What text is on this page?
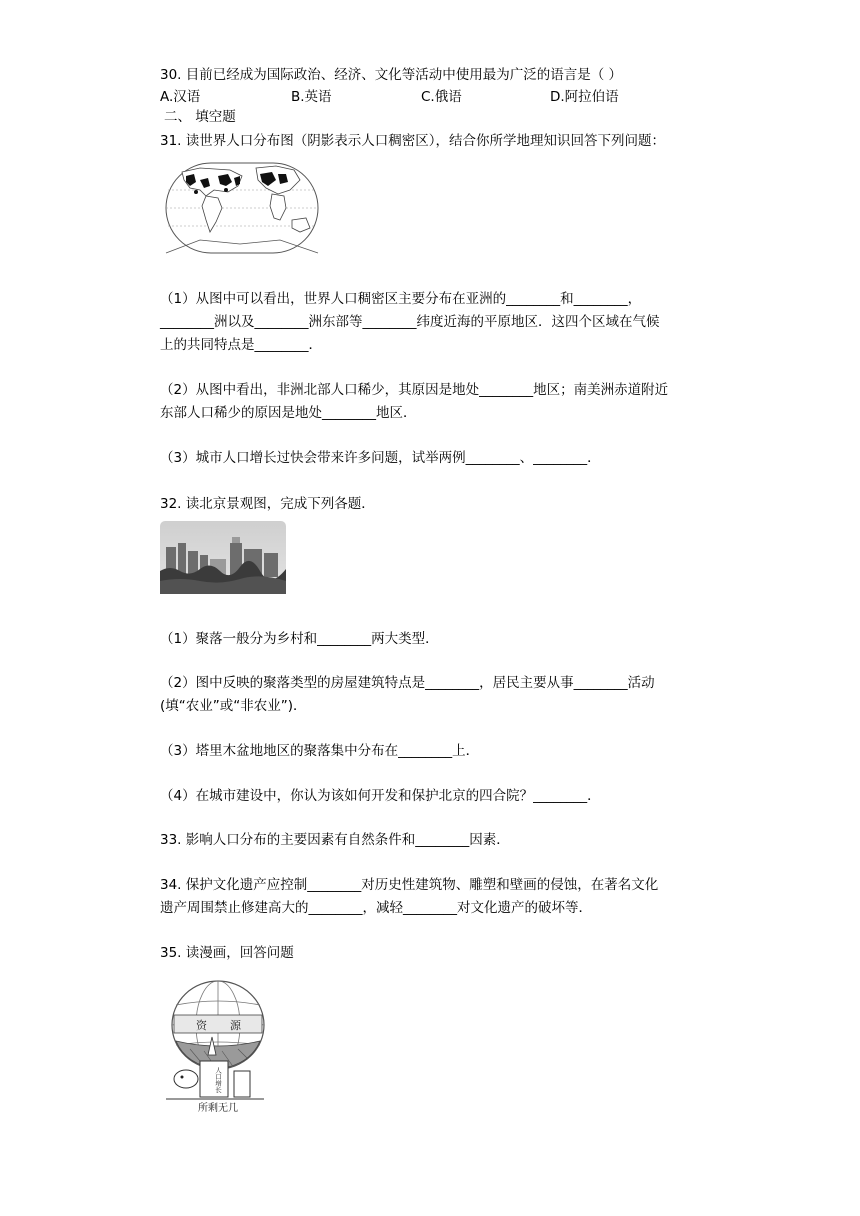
30. 目前已经成为国际政治、经济、文化等活动中使用最为广泛的语言是（ ）
A.汉语	B.英语	C.俄语	D.阿拉伯语
二、 填空题
31. 读世界人口分布图（阴影表示人口稠密区），结合你所学地理知识回答下列问题：
（1）从图中可以看出，世界人口稠密区主要分布在亚洲的________和________，
________洲以及________洲东部等________纬度近海的平原地区．这四个区域在气候
上的共同特点是________．
（2）从图中看出，非洲北部人口稀少，其原因是地处________地区；南美洲赤道附近
东部人口稀少的原因是地处________地区．
（3）城市人口增长过快会带来许多问题，试举两例________、________．
32. 读北京景观图，完成下列各题．
（1）聚落一般分为乡村和________两大类型．
（2）图中反映的聚落类型的房屋建筑特点是________，居民主要从事________活动
(填“农业”或“非农业”)．
（3）塔里木盆地地区的聚落集中分布在________上．
（4）在城市建设中，你认为该如何开发和保护北京的四合院？________．
33. 影响人口分布的主要因素有自然条件和________因素．
34. 保护文化遗产应控制________对历史性建筑物、雕塑和壁画的侵蚀，在著名文化
遗产周围禁止修建高大的________，减轻________对文化遗产的破坏等．
35. 读漫画，回答问题
资 源
人口增长
所剩无几
